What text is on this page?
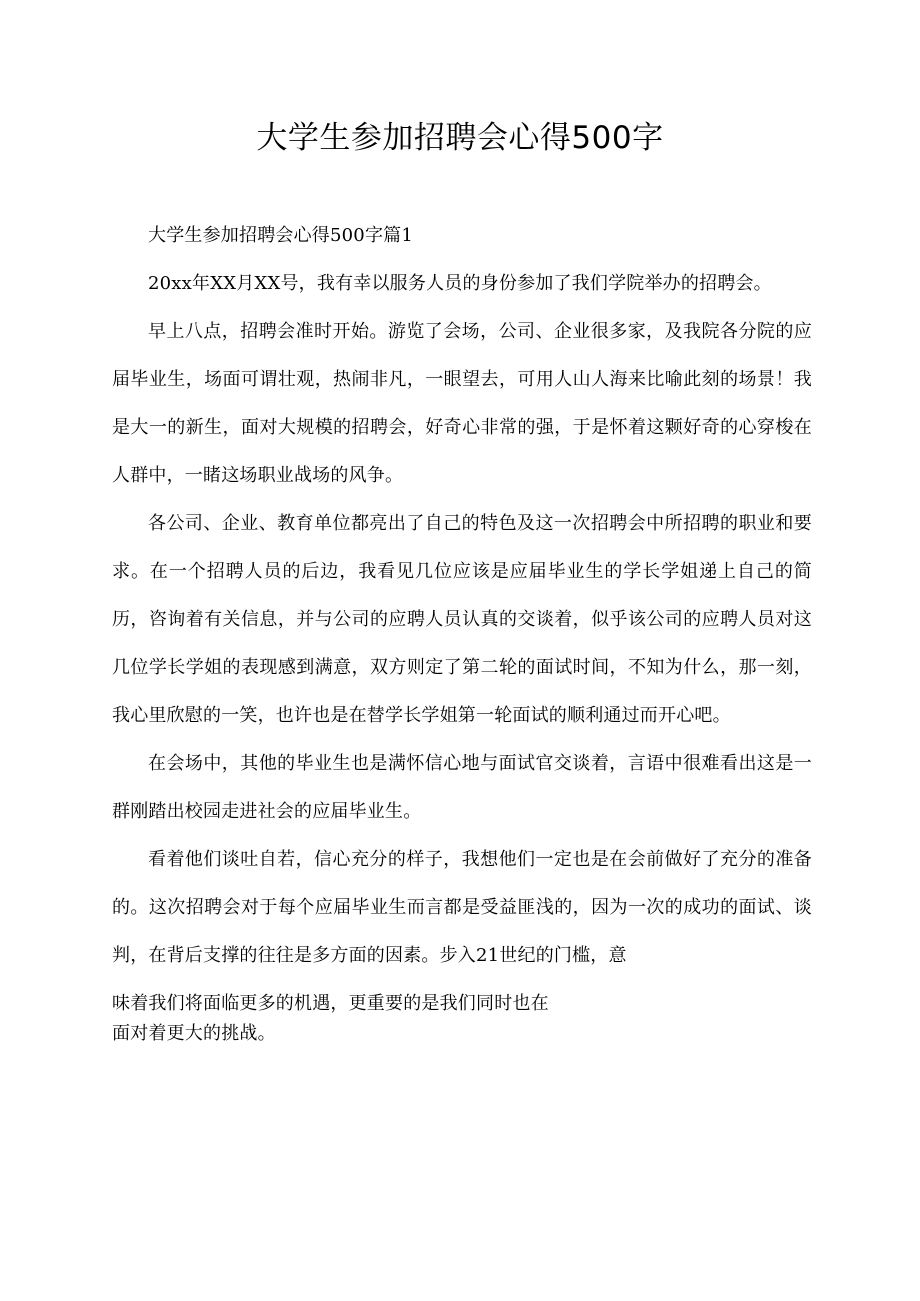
大学生参加招聘会心得500字

大学生参加招聘会心得500字篇1

20xx年XX月XX号，我有幸以服务人员的身份参加了我们学院举办的招聘会。

早上八点，招聘会准时开始。游览了会场，公司、企业很多家，及我院各分院的应届毕业生，场面可谓壮观，热闹非凡，一眼望去，可用人山人海来比喻此刻的场景！我是大一的新生，面对大规模的招聘会，好奇心非常的强，于是怀着这颗好奇的心穿梭在人群中，一睹这场职业战场的风争。

各公司、企业、教育单位都亮出了自己的特色及这一次招聘会中所招聘的职业和要求。在一个招聘人员的后边，我看见几位应该是应届毕业生的学长学姐递上自己的简历，咨询着有关信息，并与公司的应聘人员认真的交谈着，似乎该公司的应聘人员对这几位学长学姐的表现感到满意，双方则定了第二轮的面试时间，不知为什么，那一刻，我心里欣慰的一笑，也许也是在替学长学姐第一轮面试的顺利通过而开心吧。

在会场中，其他的毕业生也是满怀信心地与面试官交谈着，言语中很难看出这是一群刚踏出校园走进社会的应届毕业生。

看着他们谈吐自若，信心充分的样子，我想他们一定也是在会前做好了充分的准备的。这次招聘会对于每个应届毕业生而言都是受益匪浅的，因为一次的成功的面试、谈判，在背后支撑的往往是多方面的因素。步入21世纪的门槛，意

味着我们将面临更多的机遇，更重要的是我们同时也在
面对着更大的挑战。
